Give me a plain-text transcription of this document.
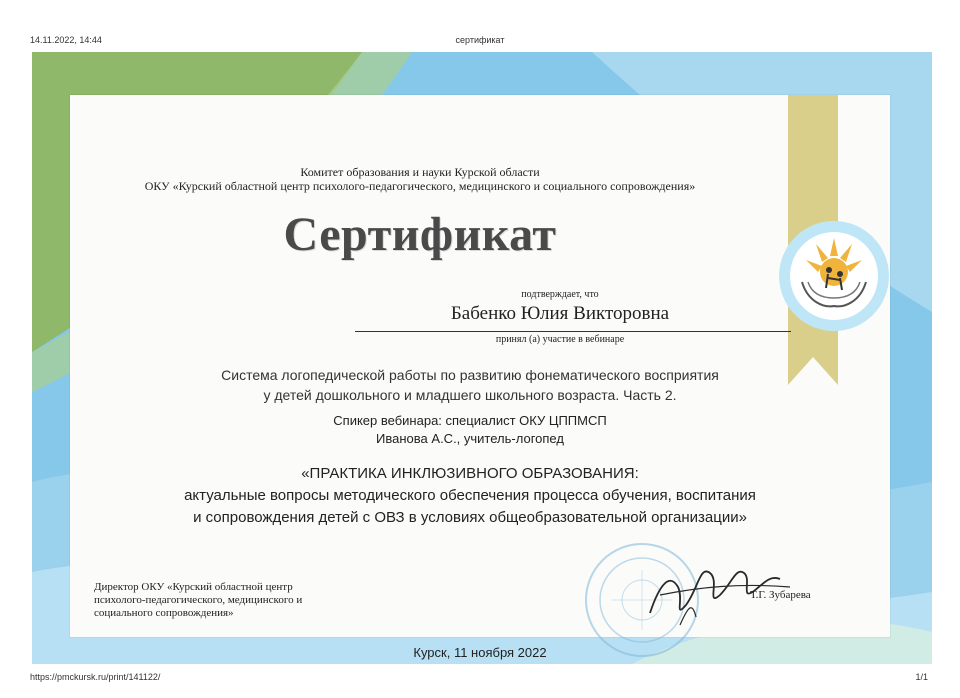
14.11.2022, 14:44	сертификат
Комитет образования и науки Курской области
ОКУ «Курский областной центр психолого-педагогического, медицинского и социального сопровождения»
Сертификат
подтверждает, что
Бабенко Юлия Викторовна
принял (а) участие в вебинаре
Система логопедической работы по развитию фонематического восприятия
у детей дошкольного и младшего школьного возраста. Часть 2.
Спикер вебинара: специалист ОКУ ЦППМСП
Иванова А.С., учитель-логопед
«ПРАКТИКА ИНКЛЮЗИВНОГО ОБРАЗОВАНИЯ:
актуальные вопросы методического обеспечения процесса обучения, воспитания
и сопровождения детей с ОВЗ в условиях общеобразовательной организации»
Директор ОКУ «Курский областной центр
психолого-педагогического, медицинского и
социального сопровождения»
Т.Г. Зубарева
Курск, 11 ноября 2022
https://pmckursk.ru/print/141122/	1/1
